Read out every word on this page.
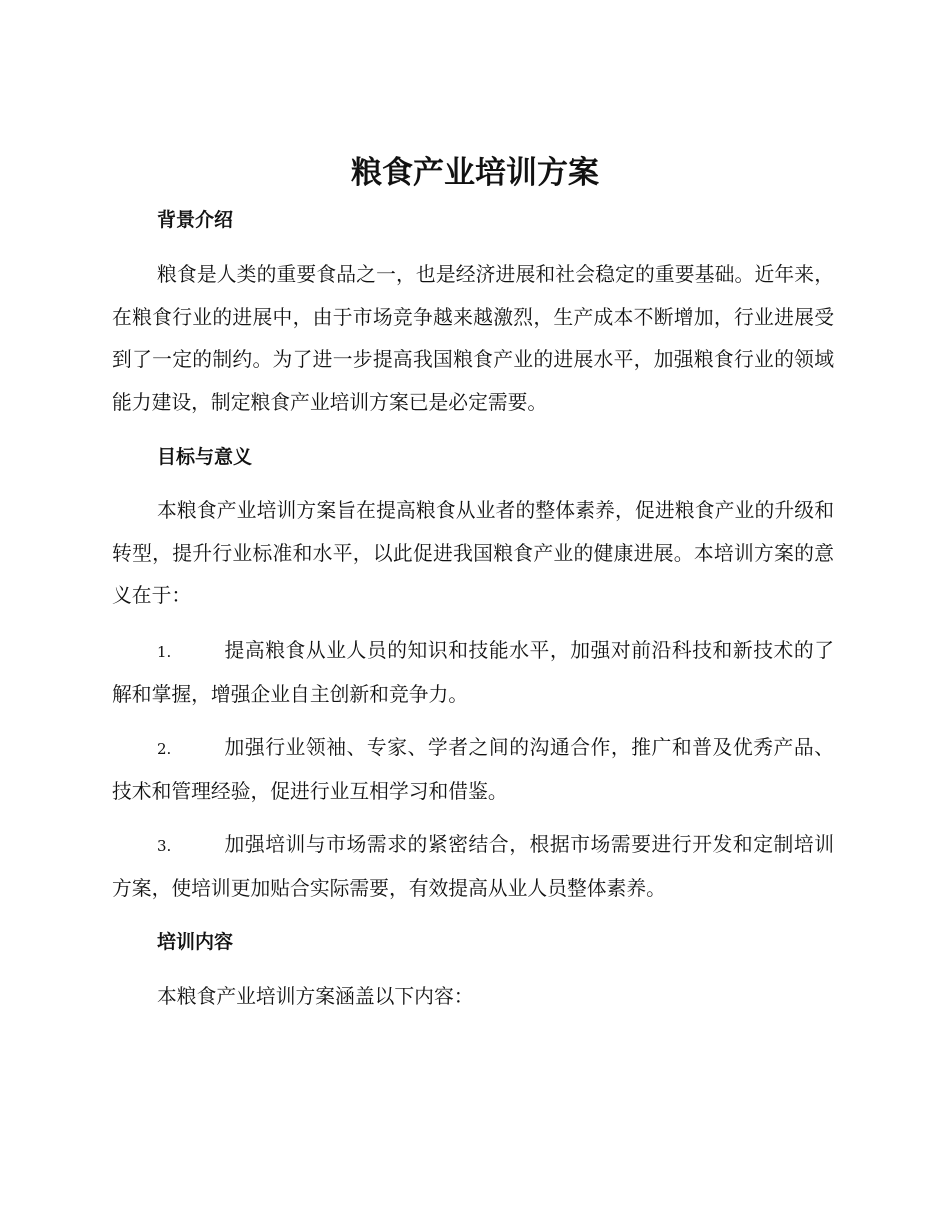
粮食产业培训方案
背景介绍

粮食是人类的重要食品之一，也是经济进展和社会稳定的重要基础。近年来，在粮食行业的进展中，由于市场竞争越来越激烈，生产成本不断增加，行业进展受到了一定的制约。为了进一步提高我国粮食产业的进展水平，加强粮食行业的领域能力建设，制定粮食产业培训方案已是必定需要。

目标与意义

本粮食产业培训方案旨在提高粮食从业者的整体素养，促进粮食产业的升级和转型，提升行业标准和水平，以此促进我国粮食产业的健康进展。本培训方案的意义在于：

1.	提高粮食从业人员的知识和技能水平，加强对前沿科技和新技术的了解和掌握，增强企业自主创新和竞争力。

2.	加强行业领袖、专家、学者之间的沟通合作，推广和普及优秀产品、技术和管理经验，促进行业互相学习和借鉴。

3.	加强培训与市场需求的紧密结合，根据市场需要进行开发和定制培训方案，使培训更加贴合实际需要，有效提高从业人员整体素养。

培训内容

本粮食产业培训方案涵盖以下内容：
